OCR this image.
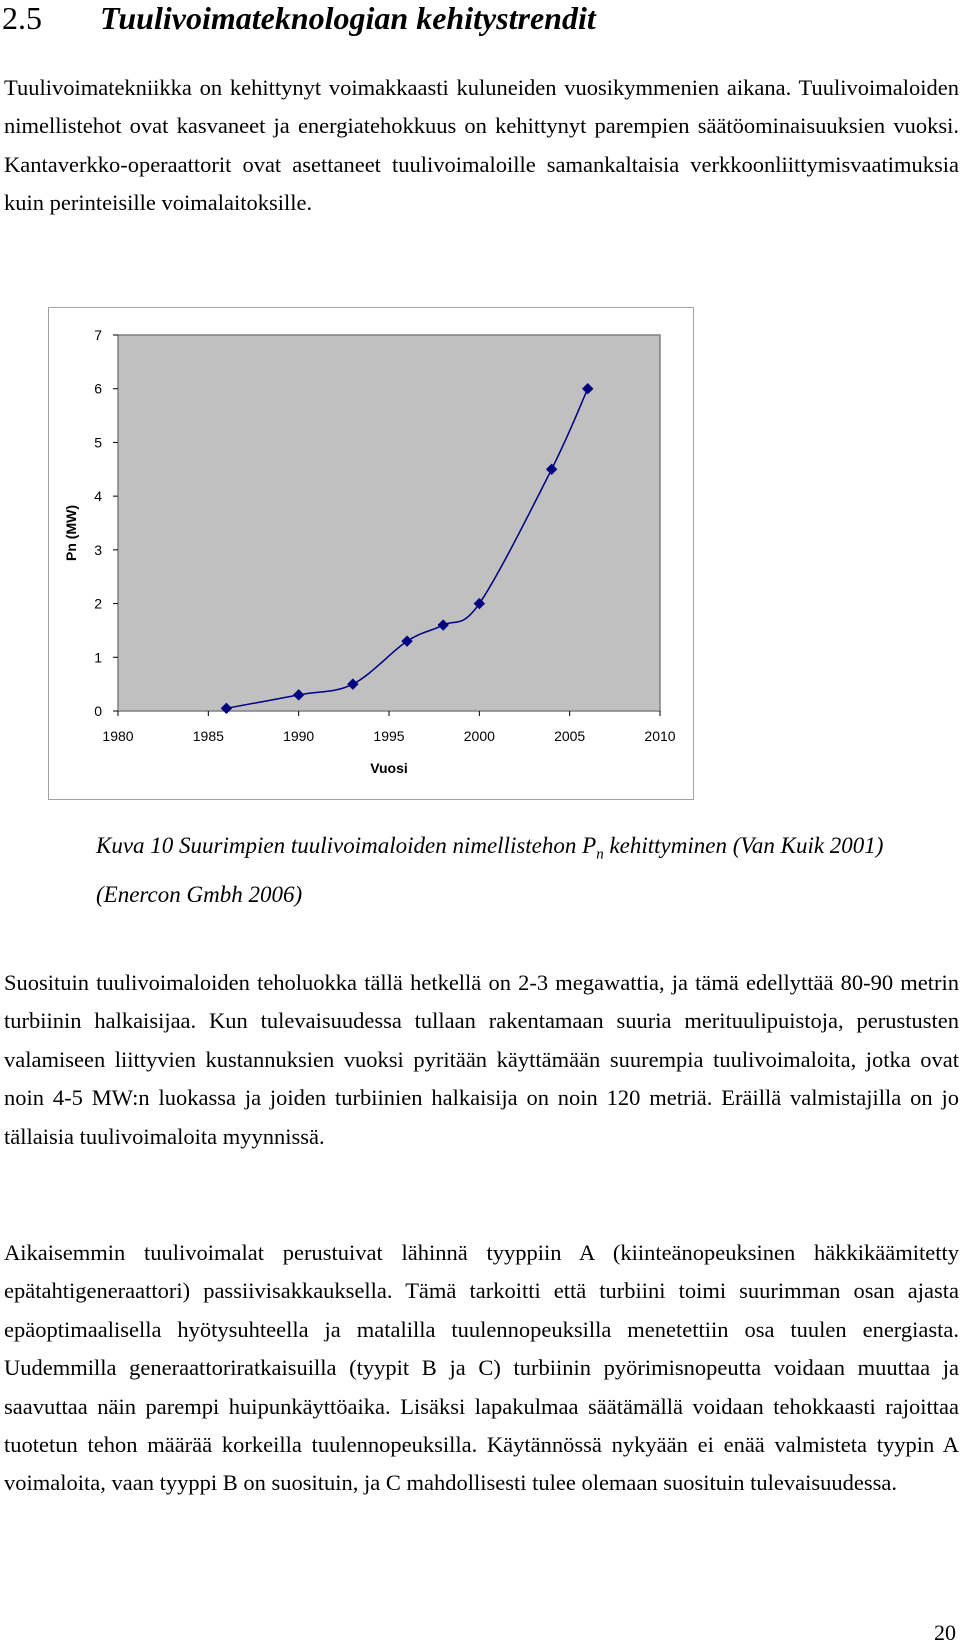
2.5 Tuulivoimateknologian kehitystrendit

Tuulivoimatekniikka on kehittynyt voimakkaasti kuluneiden vuosikymmenien aikana. Tuulivoimaloiden nimellistehot ovat kasvaneet ja energiatehokkuus on kehittynyt parempien säätöominaisuuksien vuoksi. Kantaverkko-operaattorit ovat asettaneet tuulivoimaloille samankaltaisia verkkoonliittymisvaatimuksia kuin perinteisille voimalaitoksille.

0
1
2
3
4
5
6
7
1980	1985	1990	1995	2000	2005	2010
Vuosi
Pn (MW)

Kuva 10 Suurimpien tuulivoimaloiden nimellistehon $P_n$ kehittyminen (Van Kuik 2001) (Enercon Gmbh 2006)

Suosituin tuulivoimaloiden teholuokka tällä hetkellä on 2-3 megawattia, ja tämä edellyttää 80-90 metrin turbiinin halkaisijaa. Kun tulevaisuudessa tullaan rakentamaan suuria merituulipuistoja, perustusten valamiseen liittyvien kustannuksien vuoksi pyritään käyttämään suurempia tuulivoimaloita, jotka ovat noin 4-5 MW:n luokassa ja joiden turbiinien halkaisija on noin 120 metriä. Eräillä valmistajilla on jo tällaisia tuulivoimaloita myynnissä.

Aikaisemmin tuulivoimalat perustuivat lähinnä tyyppiin A (kiinteänopeuksinen häkkikäämitetty epätahtigeneraattori) passiivisakkauksella. Tämä tarkoitti että turbiini toimi suurimman osan ajasta epäoptimaalisella hyötysuhteella ja matalilla tuulennopeuksilla menetettiin osa tuulen energiasta. Uudemmilla generaattoriratkaisuilla (tyypit B ja C) turbiinin pyörimisnopeutta voidaan muuttaa ja saavuttaa näin parempi huipunkäyttöaika. Lisäksi lapakulmaa säätämällä voidaan tehokkaasti rajoittaa tuotetun tehon määrää korkeilla tuulennopeuksilla. Käytännössä nykyään ei enää valmisteta tyypin A voimaloita, vaan tyyppi B on suosituin, ja C mahdollisesti tulee olemaan suosituin tulevaisuudessa.

20
